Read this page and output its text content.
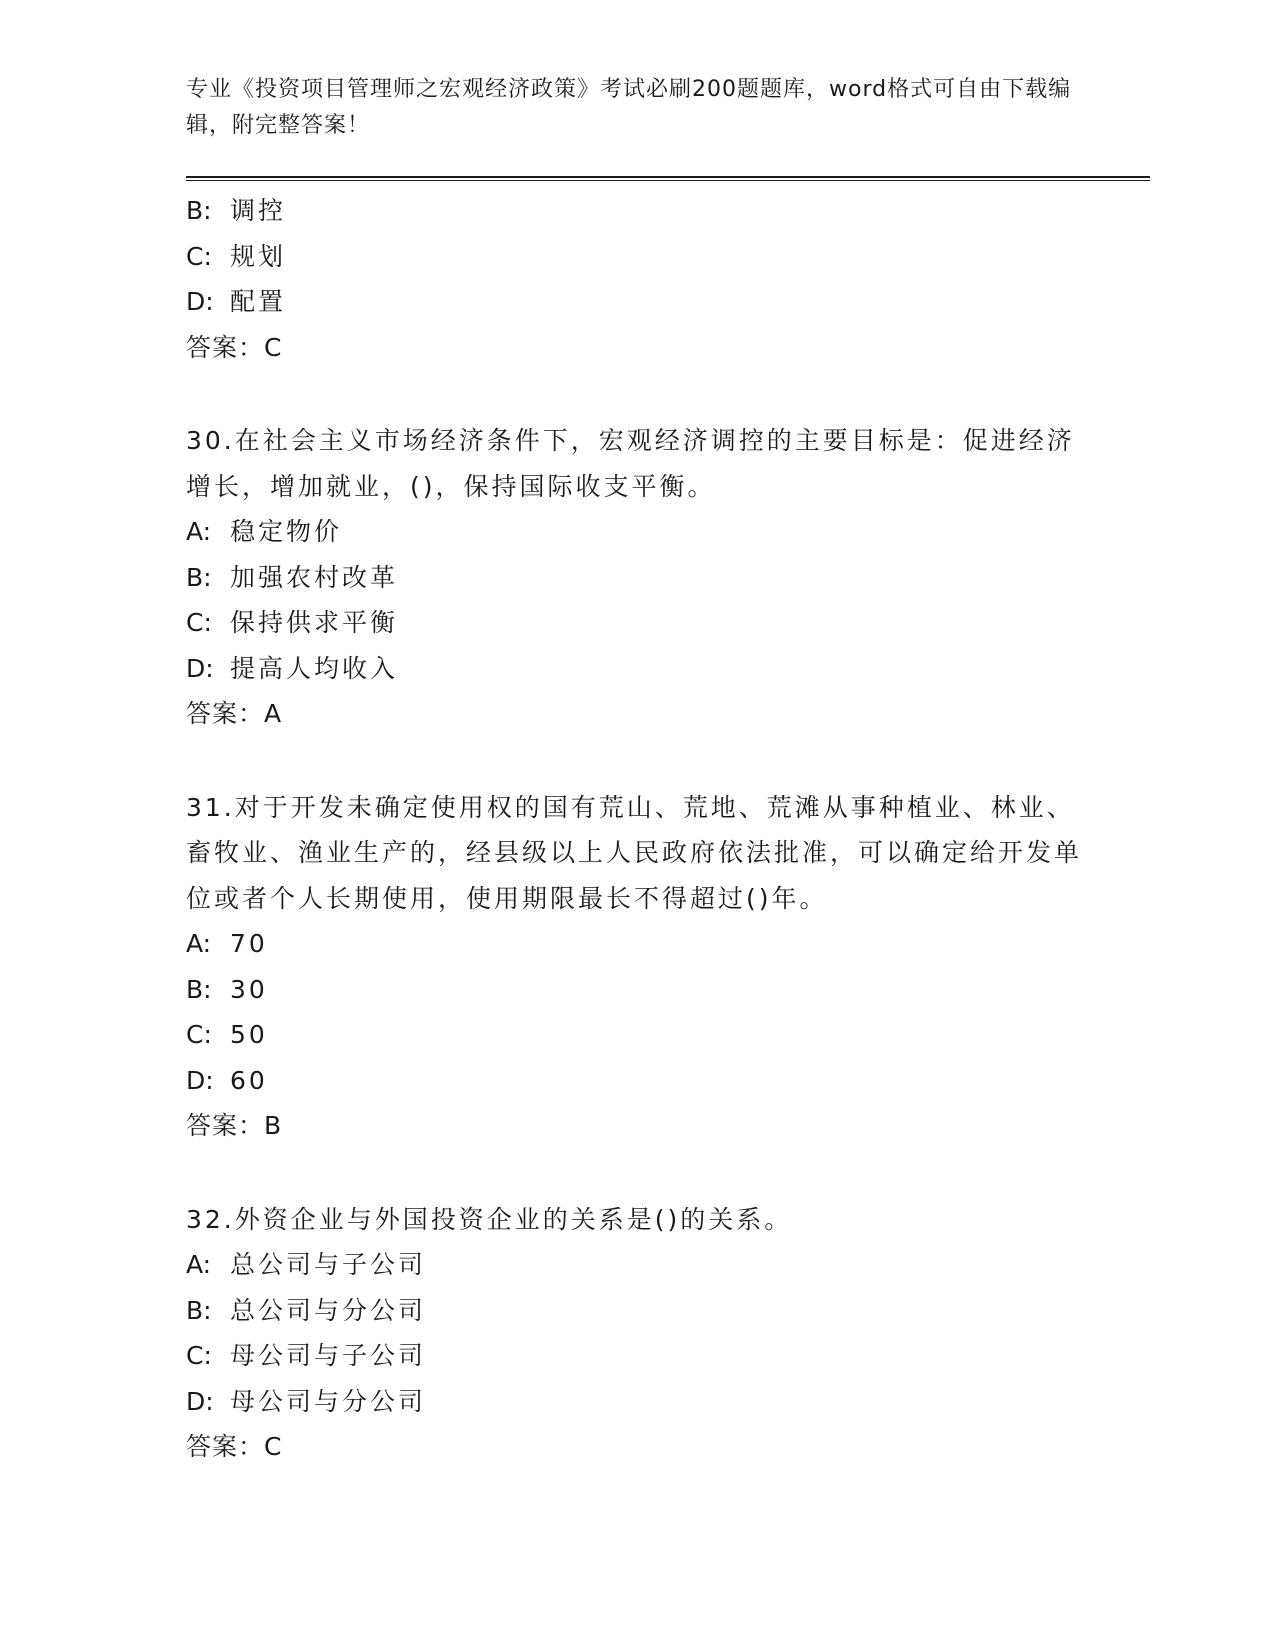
专业《投资项目管理师之宏观经济政策》考试必刷200题题库，word格式可自由下载编辑，附完整答案！
B: 调控
C: 规划
D: 配置
答案：C
30.在社会主义市场经济条件下，宏观经济调控的主要目标是：促进经济增长，增加就业，()，保持国际收支平衡。
A: 稳定物价
B: 加强农村改革
C: 保持供求平衡
D: 提高人均收入
答案：A
31.对于开发未确定使用权的国有荒山、荒地、荒滩从事种植业、林业、畜牧业、渔业生产的，经县级以上人民政府依法批准，可以确定给开发单位或者个人长期使用，使用期限最长不得超过()年。
A: 70
B: 30
C: 50
D: 60
答案：B
32.外资企业与外国投资企业的关系是()的关系。
A: 总公司与子公司
B: 总公司与分公司
C: 母公司与子公司
D: 母公司与分公司
答案：C
